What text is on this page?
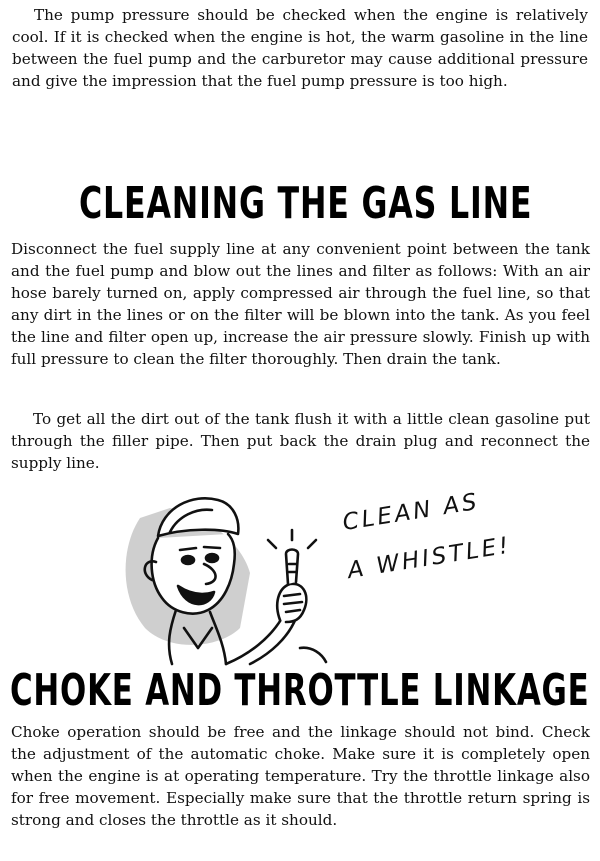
The pump pressure should be checked when the engine is relatively cool. If it is checked when the engine is hot, the warm gasoline in the line between the fuel pump and the carburetor may cause additional pressure and give the impression that the fuel pump pressure is too high.

CLEANING THE GAS LINE

Disconnect the fuel supply line at any convenient point between the tank and the fuel pump and blow out the lines and filter as follows: With an air hose barely turned on, apply compressed air through the fuel line, so that any dirt in the lines or on the filter will be blown into the tank. As you feel the line and filter open up, increase the air pressure slowly. Finish up with full pressure to clean the filter thoroughly. Then drain the tank.

To get all the dirt out of the tank flush it with a little clean gasoline put through the filler pipe. Then put back the drain plug and reconnect the supply line.

CLEAN AS
A WHISTLE!
CHOKE AND THROTTLE LINKAGE

Choke operation should be free and the linkage should not bind. Check the adjustment of the automatic choke. Make sure it is completely open when the engine is at operating temperature. Try the throttle linkage also for free movement. Especially make sure that the throttle return spring is strong and closes the throttle as it should.
